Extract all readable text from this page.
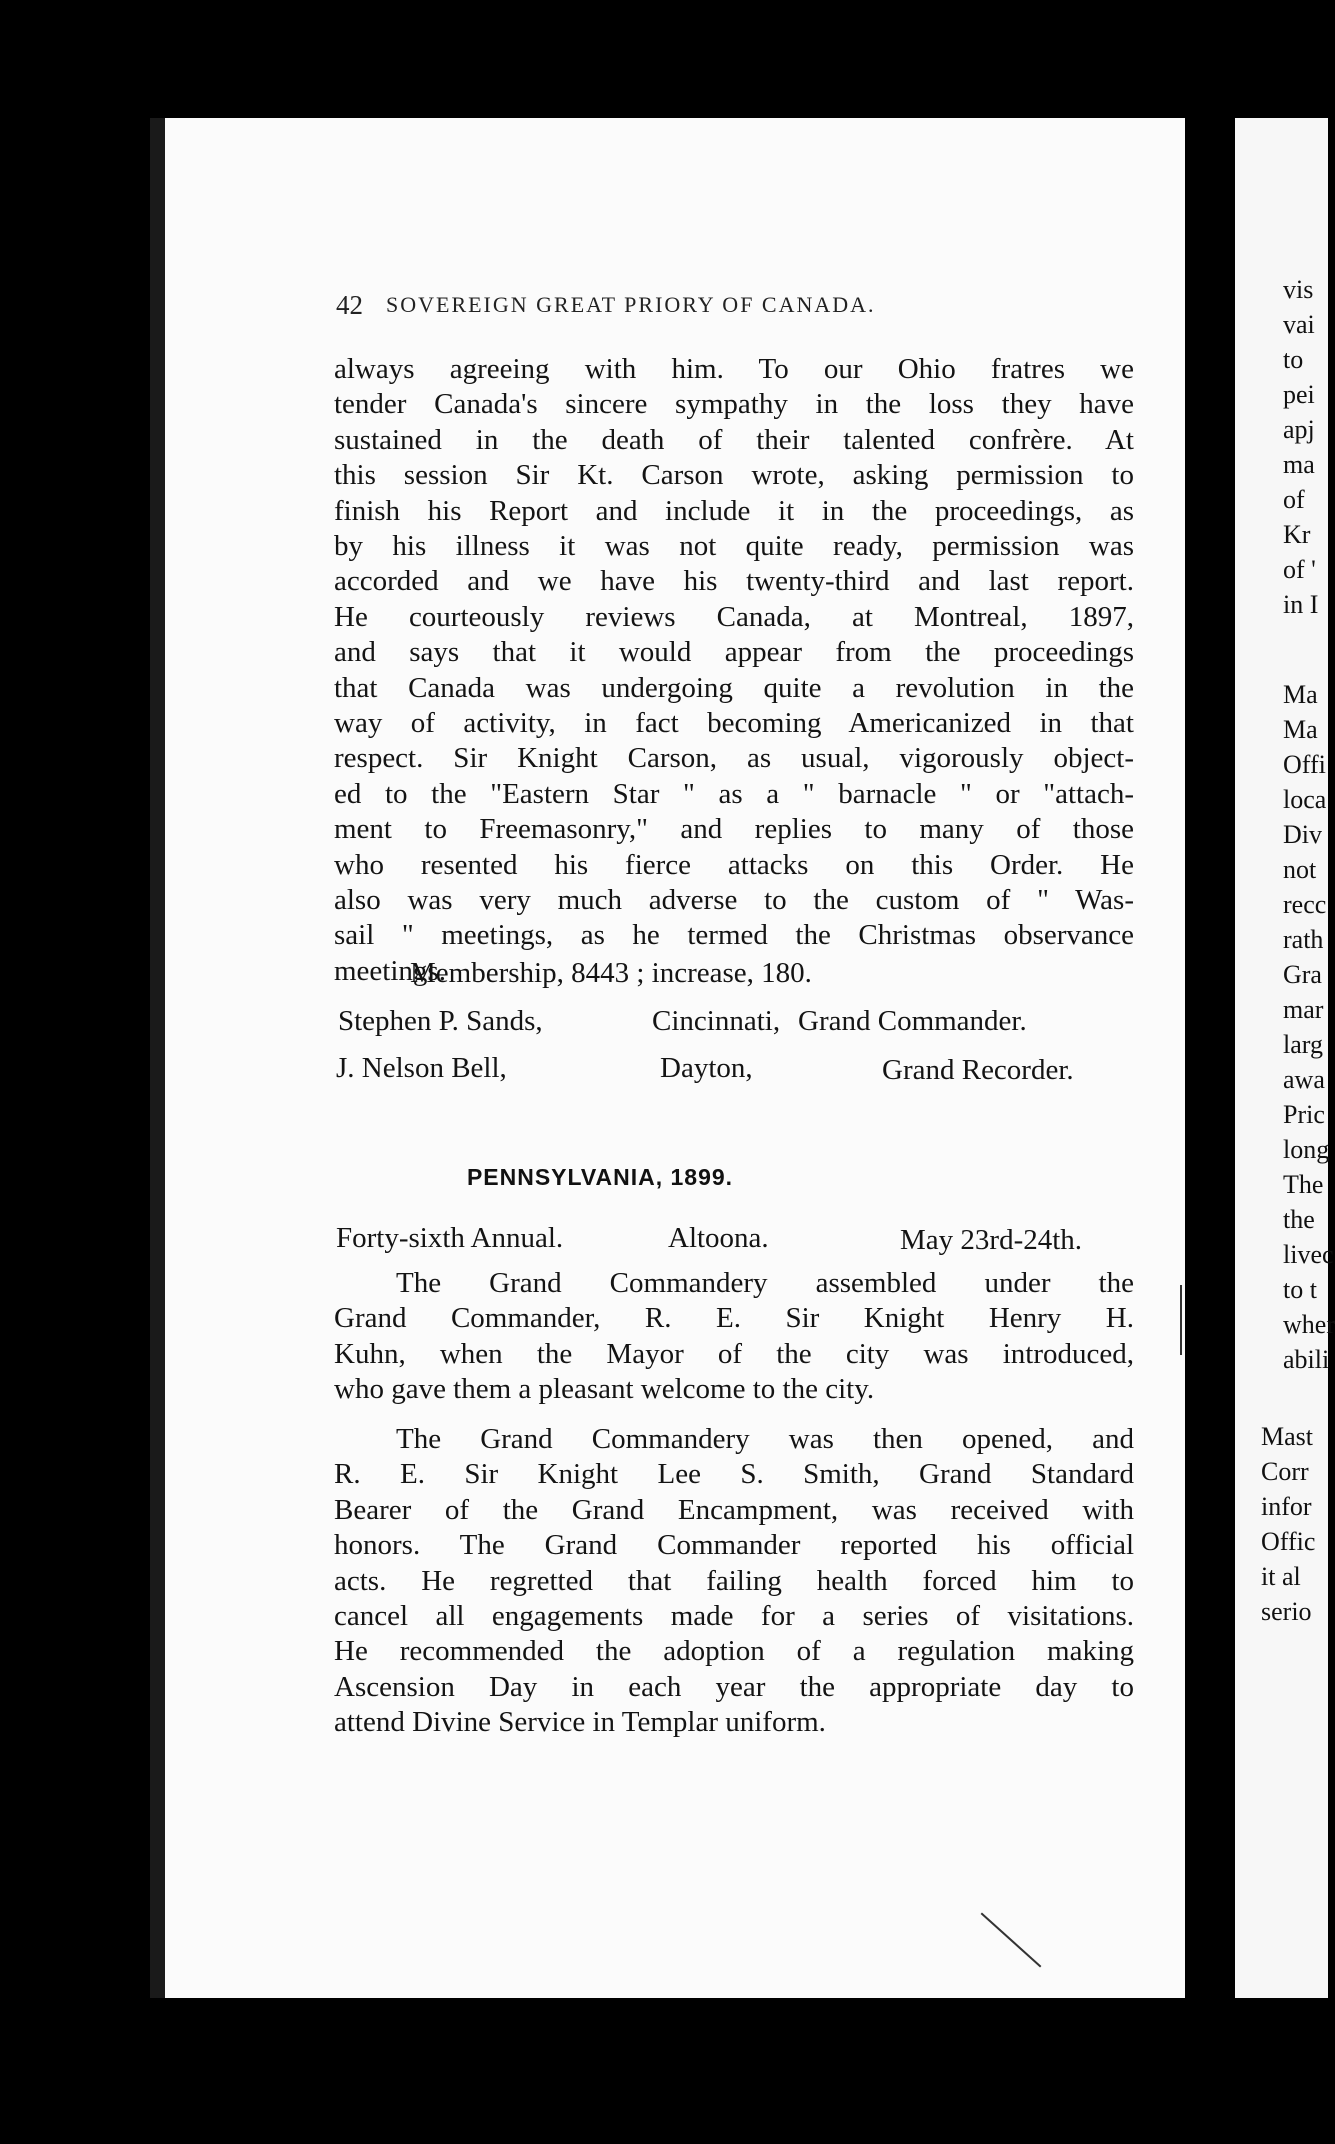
vis
vai
to
pei
apj
ma
of
Kr
of '
in I
Ma
Ma
Offi
loca
Div
not
recc
rath
Gra
mar
larg
awa
Pric
long
The
the
livec
to t
wher
abili
Mast
Corr
infor
Offic
it al
serio
42 SOVEREIGN GREAT PRIORY OF CANADA.
always agreeing with him. To our Ohio fratres we
tender Canada's sincere sympathy in the loss they have
sustained in the death of their talented confrère. At
this session Sir Kt. Carson wrote, asking permission to
finish his Report and include it in the proceedings, as
by his illness it was not quite ready, permission was
accorded and we have his twenty-third and last report.
He courteously reviews Canada, at Montreal, 1897,
and says that it would appear from the proceedings
that Canada was undergoing quite a revolution in the
way of activity, in fact becoming Americanized in that
respect. Sir Knight Carson, as usual, vigorously object-
ed to the "Eastern Star " as a " barnacle " or "attach-
ment to Freemasonry," and replies to many of those
who resented his fierce attacks on this Order. He
also was very much adverse to the custom of " Was-
sail " meetings, as he termed the Christmas observance
meetings.
Membership, 8443 ; increase, 180.
Stephen P. Sands,	Cincinnati, Grand Commander.
J. Nelson Bell,	Dayton,	Grand Recorder.
PENNSYLVANIA, 1899.
Forty-sixth Annual.	Altoona.	May 23rd-24th.
The Grand Commandery assembled under the
Grand Commander, R. E. Sir Knight Henry H.
Kuhn, when the Mayor of the city was introduced,
who gave them a pleasant welcome to the city.
The Grand Commandery was then opened, and
R. E. Sir Knight Lee S. Smith, Grand Standard
Bearer of the Grand Encampment, was received with
honors. The Grand Commander reported his official
acts. He regretted that failing health forced him to
cancel all engagements made for a series of visitations.
He recommended the adoption of a regulation making
Ascension Day in each year the appropriate day to
attend Divine Service in Templar uniform.
